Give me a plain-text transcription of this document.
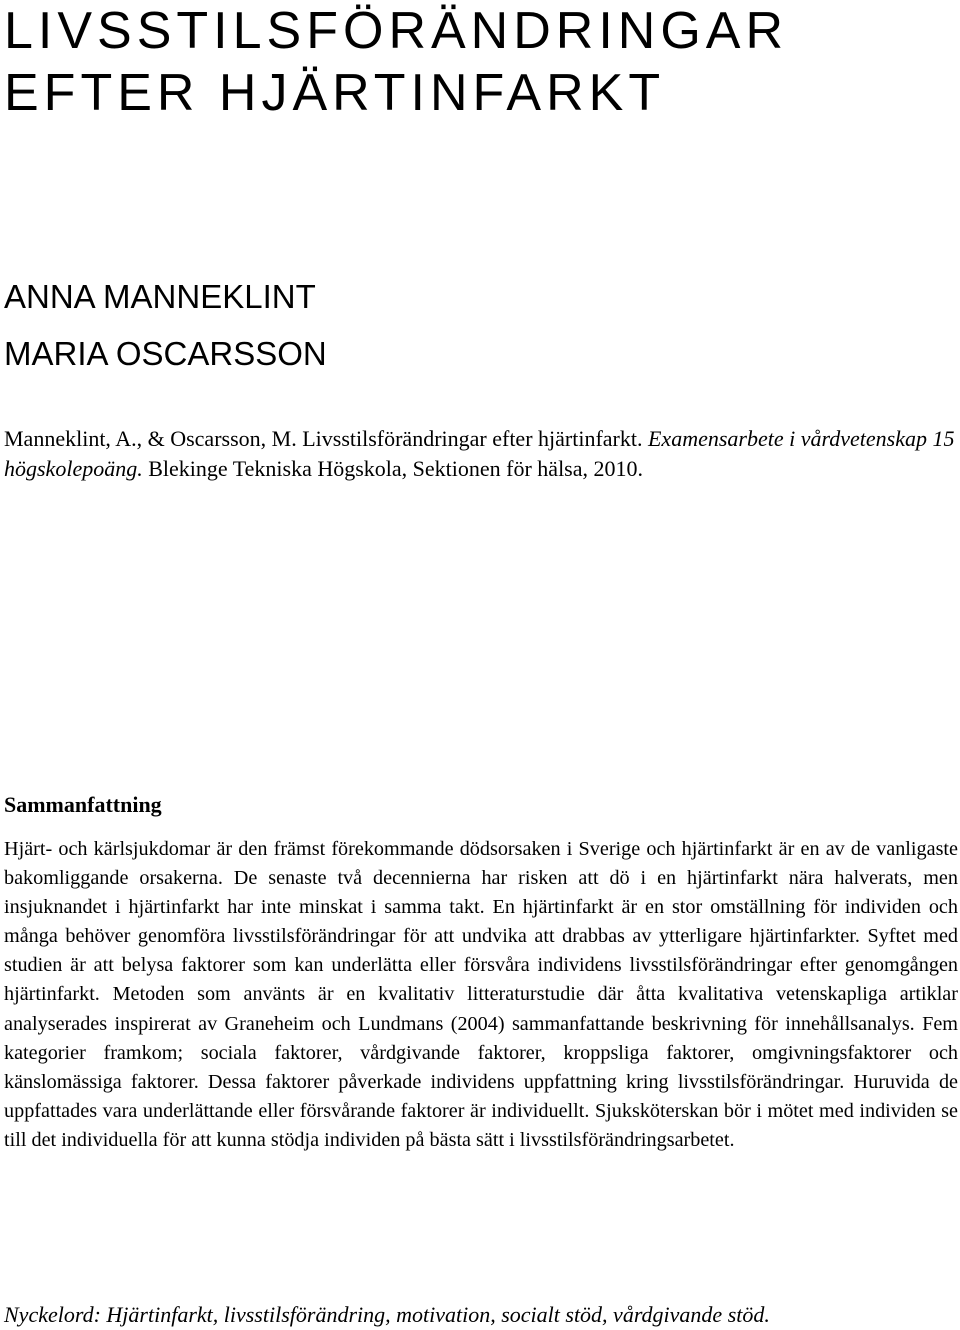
LIVSSTILSFÖRÄNDRINGAR
EFTER HJÄRTINFARKT
ANNA MANNEKLINT
MARIA OSCARSSON

Manneklint, A., & Oscarsson, M. Livsstilsförändringar efter hjärtinfarkt. Examensarbete i vårdvetenskap 15 högskolepoäng. Blekinge Tekniska Högskola, Sektionen för hälsa, 2010.

Sammanfattning

Hjärt- och kärlsjukdomar är den främst förekommande dödsorsaken i Sverige och hjärtinfarkt är en av de vanligaste bakomliggande orsakerna. De senaste två decennierna har risken att dö i en hjärtinfarkt nära halverats, men insjuknandet i hjärtinfarkt har inte minskat i samma takt. En hjärtinfarkt är en stor omställning för individen och många behöver genomföra livsstilsförändringar för att undvika att drabbas av ytterligare hjärtinfarkter. Syftet med studien är att belysa faktorer som kan underlätta eller försvåra individens livsstilsförändringar efter genomgången hjärtinfarkt. Metoden som använts är en kvalitativ litteraturstudie där åtta kvalitativa vetenskapliga artiklar analyserades inspirerat av Graneheim och Lundmans (2004) sammanfattande beskrivning för innehållsanalys. Fem kategorier framkom; sociala faktorer, vårdgivande faktorer, kroppsliga faktorer, omgivningsfaktorer och känslomässiga faktorer. Dessa faktorer påverkade individens uppfattning kring livsstilsförändringar. Huruvida de uppfattades vara underlättande eller försvårande faktorer är individuellt. Sjuksköterskan bör i mötet med individen se till det individuella för att kunna stödja individen på bästa sätt i livsstilsförändringsarbetet.

Nyckelord: Hjärtinfarkt, livsstilsförändring, motivation, socialt stöd, vårdgivande stöd.
